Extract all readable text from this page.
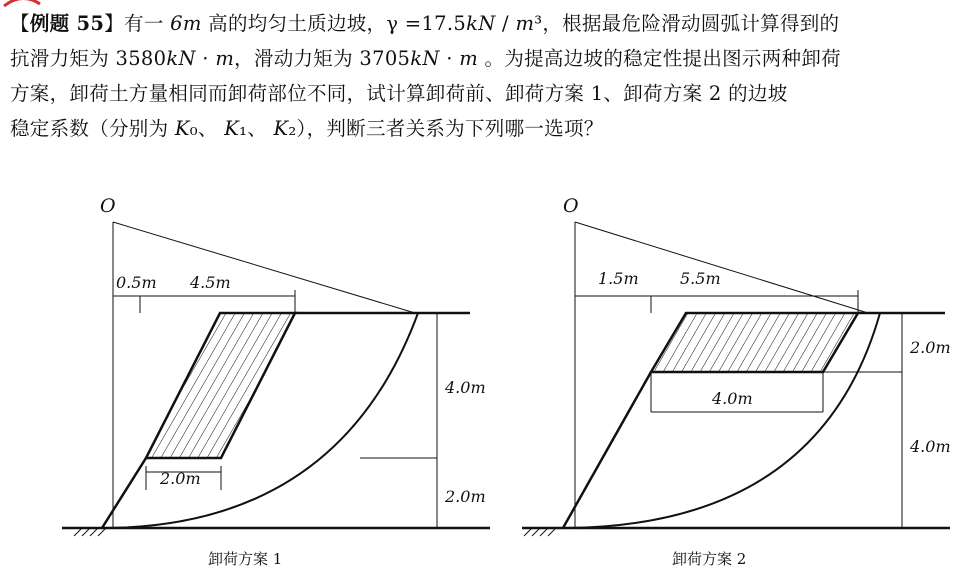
【例题 55】有一 6m 高的均匀土质边坡，γ =17.5kN / m³，根据最危险滑动圆弧计算得到的

抗滑力矩为 3580kN · m，滑动力矩为 3705kN · m 。为提高边坡的稳定性提出图示两种卸荷

方案，卸荷土方量相同而卸荷部位不同，试计算卸荷前、卸荷方案 1、卸荷方案 2 的边坡

稳定系数（分别为 K₀、 K₁、 K₂），判断三者关系为下列哪一选项？

O
0.5m 4.5m
4.0m
2.0m
2.0m
卸荷方案 1
O
1.5m	5.5m
2.0m
4.0m
4.0m
卸荷方案 2
